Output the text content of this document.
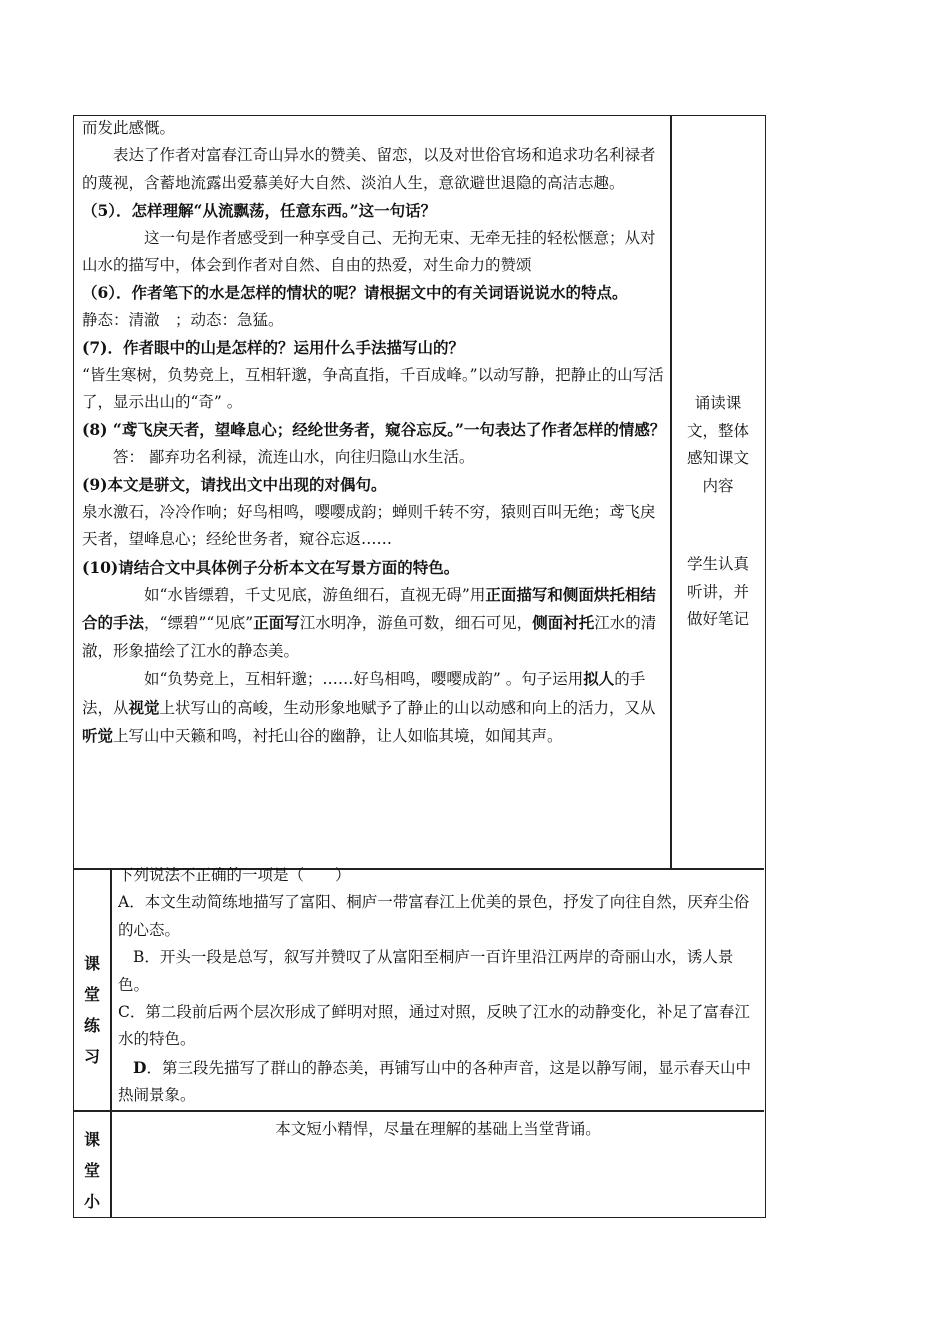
而发此感慨。

表达了作者对富春江奇山异水的赞美、留恋，以及对世俗官场和追求功名利禄者的蔑视，含蓄地流露出爱慕美好大自然、淡泊人生，意欲避世退隐的高洁志趣。

（5）．怎样理解“从流飘荡，任意东西。”这一句话？

这一句是作者感受到一种享受自己、无拘无束、无牵无挂的轻松惬意；从对山水的描写中，体会到作者对自然、自由的热爱，对生命力的赞颂

（6）．作者笔下的水是怎样的情状的呢？请根据文中的有关词语说说水的特点。

静态：清澈　；动态：急猛。

(7)．作者眼中的山是怎样的？运用什么手法描写山的？

“皆生寒树，负势竞上，互相轩邈，争高直指，千百成峰。”以动写静，把静止的山写活了，显示出山的“奇” 。

(8) “鸢飞戾天者，望峰息心；经纶世务者，窥谷忘反。”一句表达了作者怎样的情感？

答： 鄙弃功名利禄，流连山水，向往归隐山水生活。

(9)本文是骈文，请找出文中出现的对偶句。

泉水激石，冷冷作响；好鸟相鸣，嘤嘤成韵；蝉则千转不穷，猿则百叫无绝；鸢飞戾天者，望峰息心；经纶世务者，窥谷忘返……

(10)请结合文中具体例子分析本文在写景方面的特色。

如“水皆缥碧，千丈见底，游鱼细石，直视无碍”用正面描写和侧面烘托相结合的手法，“缥碧”“见底”正面写江水明净，游鱼可数，细石可见，侧面衬托江水的清澈，形象描绘了江水的静态美。

如“负势竞上，互相轩邈；……好鸟相鸣，嘤嘤成韵” 。句子运用拟人的手法，从视觉上状写山的高峻，生动形象地赋予了静止的山以动感和向上的活力，又从听觉上写山中天籁和鸣，衬托山谷的幽静，让人如临其境，如闻其声。

诵读课

文，整体

感知课文

内容

学生认真

听讲，并

做好笔记

课
堂
练
习

下列说法不正确的一项是（　　）

A．本文生动简练地描写了富阳、桐庐一带富春江上优美的景色，抒发了向往自然，厌弃尘俗的心态。

B．开头一段是总写，叙写并赞叹了从富阳至桐庐一百许里沿江两岸的奇丽山水，诱人景色。

C．第二段前后两个层次形成了鲜明对照，通过对照，反映了江水的动静变化，补足了富春江水的特色。

D．第三段先描写了群山的静态美，再铺写山中的各种声音，这是以静写闹，显示春天山中热闹景象。

课
堂
小

本文短小精悍，尽量在理解的基础上当堂背诵。
